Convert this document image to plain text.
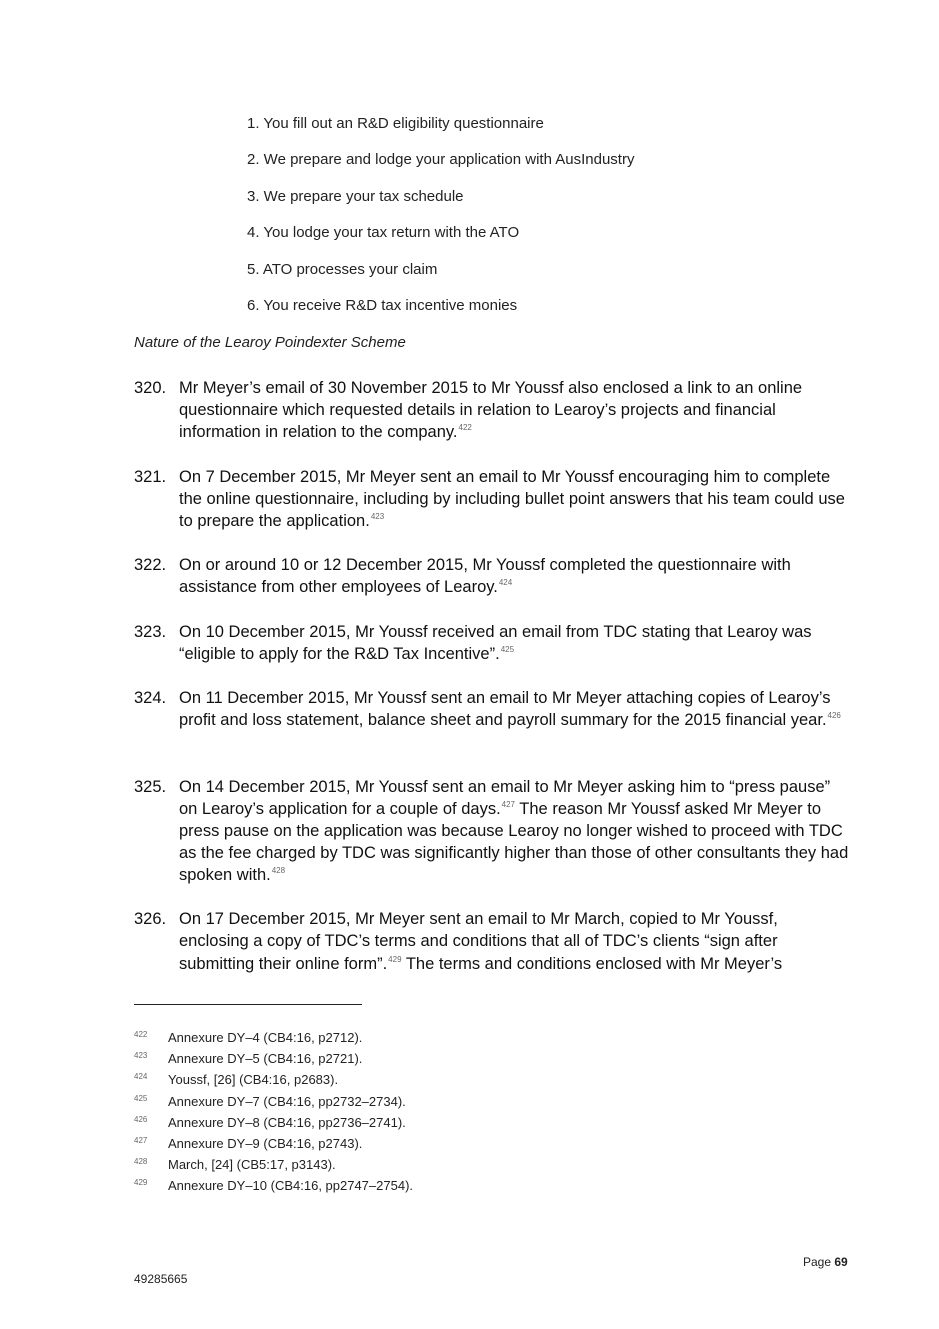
1. You fill out an R&D eligibility questionnaire
2. We prepare and lodge your application with AusIndustry
3. We prepare your tax schedule
4. You lodge your tax return with the ATO
5. ATO processes your claim
6. You receive R&D tax incentive monies

Nature of the Learoy Poindexter Scheme

320. Mr Meyer’s email of 30 November 2015 to Mr Youssf also enclosed a link to an online questionnaire which requested details in relation to Learoy’s projects and financial information in relation to the company.$^{422}$
321. On 7 December 2015, Mr Meyer sent an email to Mr Youssf encouraging him to complete the online questionnaire, including by including bullet point answers that his team could use to prepare the application.$^{423}$
322. On or around 10 or 12 December 2015, Mr Youssf completed the questionnaire with assistance from other employees of Learoy.$^{424}$
323. On 10 December 2015, Mr Youssf received an email from TDC stating that Learoy was “eligible to apply for the R&D Tax Incentive”.$^{425}$
324. On 11 December 2015, Mr Youssf sent an email to Mr Meyer attaching copies of Learoy’s profit and loss statement, balance sheet and payroll summary for the 2015 financial year.$^{426}$
325. On 14 December 2015, Mr Youssf sent an email to Mr Meyer asking him to “press pause” on Learoy’s application for a couple of days.$^{427}$ The reason Mr Youssf asked Mr Meyer to press pause on the application was because Learoy no longer wished to proceed with TDC as the fee charged by TDC was significantly higher than those of other consultants they had spoken with.$^{428}$
326. On 17 December 2015, Mr Meyer sent an email to Mr March, copied to Mr Youssf, enclosing a copy of TDC’s terms and conditions that all of TDC’s clients “sign after submitting their online form”.$^{429}$ The terms and conditions enclosed with Mr Meyer’s
422 Annexure DY–4 (CB4:16, p2712).
423 Annexure DY–5 (CB4:16, p2721).
424 Youssf, [26] (CB4:16, p2683).
425 Annexure DY–7 (CB4:16, pp2732–2734).
426 Annexure DY–8 (CB4:16, pp2736–2741).
427 Annexure DY–9 (CB4:16, p2743).
428 March, [24] (CB5:17, p3143).
429 Annexure DY–10 (CB4:16, pp2747–2754).
Page 69
49285665
